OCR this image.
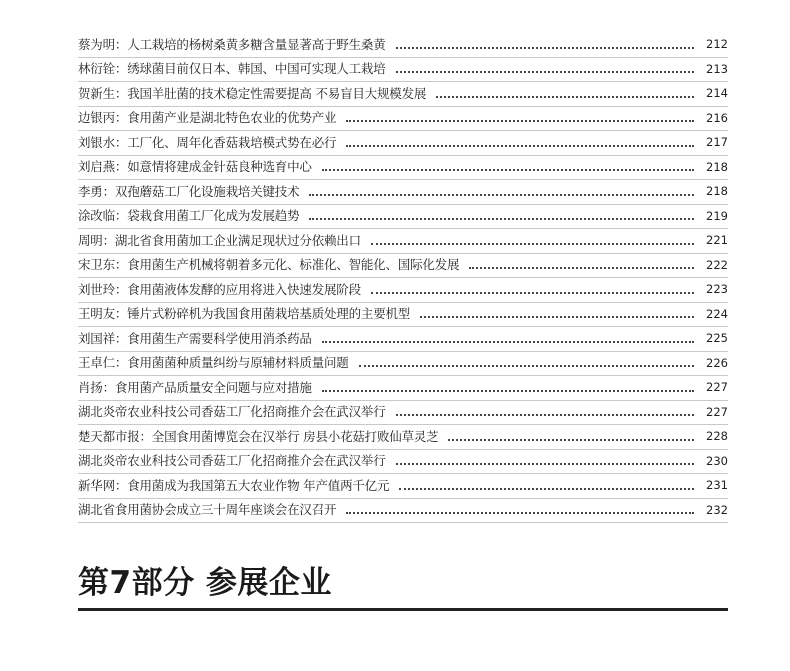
蔡为明：人工栽培的杨树桑黄多糖含量显著高于野生桑黄	212
林衍铨：绣球菌目前仅日本、韩国、中国可实现人工栽培	213
贺新生：我国羊肚菌的技术稳定性需要提高 不易盲目大规模发展	214
边银丙：食用菌产业是湖北特色农业的优势产业	216
刘银水：工厂化、周年化香菇栽培模式势在必行	217
刘启燕：如意情将建成金针菇良种选育中心	218
李勇：双孢蘑菇工厂化设施栽培关键技术	218
涂改临：袋栽食用菌工厂化成为发展趋势	219
周明：湖北省食用菌加工企业满足现状过分依赖出口	221
宋卫东：食用菌生产机械将朝着多元化、标准化、智能化、国际化发展	222
刘世玲：食用菌液体发酵的应用将进入快速发展阶段	223
王明友：锤片式粉碎机为我国食用菌栽培基质处理的主要机型	224
刘国祥：食用菌生产需要科学使用消杀药品	225
王卓仁：食用菌菌种质量纠纷与原辅材料质量问题	226
肖扬：食用菌产品质量安全问题与应对措施	227
湖北炎帝农业科技公司香菇工厂化招商推介会在武汉举行	227
楚天都市报：全国食用菌博览会在汉举行 房县小花菇打败仙草灵芝	228
湖北炎帝农业科技公司香菇工厂化招商推介会在武汉举行	230
新华网：食用菌成为我国第五大农业作物 年产值两千亿元	231
湖北省食用菌协会成立三十周年座谈会在汉召开	232
第7部分 参展企业
